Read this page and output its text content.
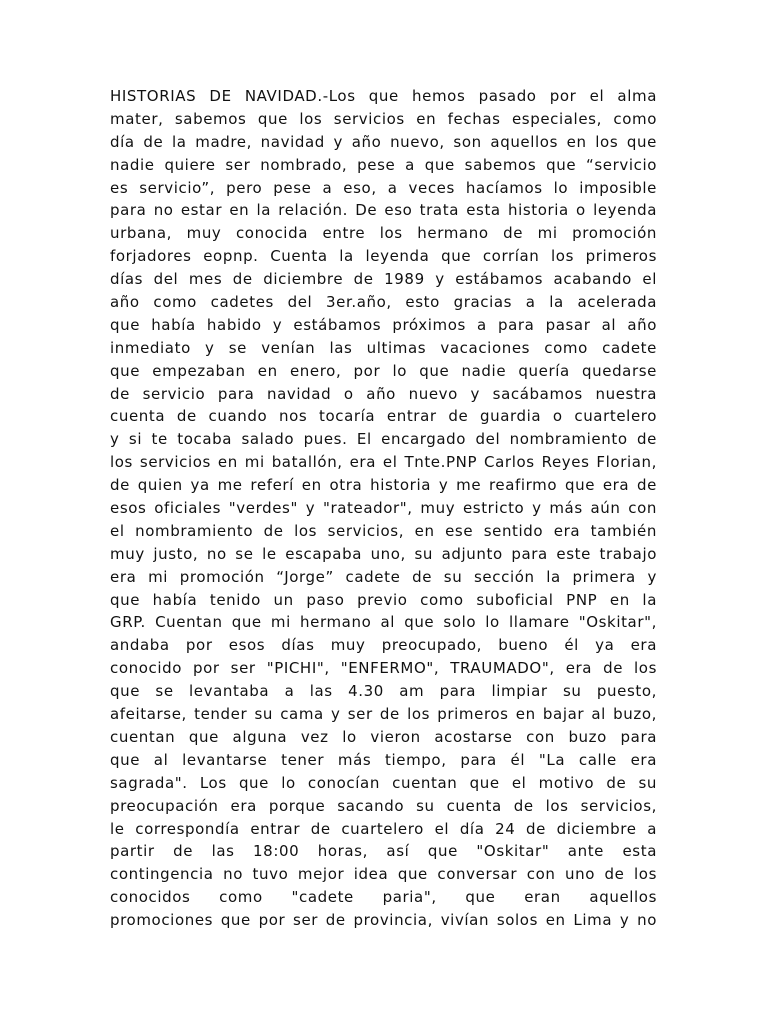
HISTORIAS DE NAVIDAD.-Los que hemos pasado por el alma
mater, sabemos que los servicios en fechas especiales, como
día de la madre, navidad y año nuevo, son aquellos en los que
nadie quiere ser nombrado, pese a que sabemos que “servicio
es servicio”, pero pese a eso, a veces hacíamos lo imposible
para no estar en la relación. De eso trata esta historia o leyenda
urbana, muy conocida entre los hermano de mi promoción
forjadores eopnp. Cuenta la leyenda que corrían los primeros
días del mes de diciembre de 1989 y estábamos acabando el
año como cadetes del 3er.año, esto gracias a la acelerada
que había habido y estábamos próximos a para pasar al año
inmediato y se venían las ultimas vacaciones como cadete
que empezaban en enero, por lo que nadie quería quedarse
de servicio para navidad o año nuevo y sacábamos nuestra
cuenta de cuando nos tocaría entrar de guardia o cuartelero
y si te tocaba salado pues. El encargado del nombramiento de
los servicios en mi batallón, era el Tnte.PNP Carlos Reyes Florian,
de quien ya me referí en otra historia y me reafirmo que era de
esos oficiales "verdes" y "rateador", muy estricto y más aún con
el nombramiento de los servicios, en ese sentido era también
muy justo, no se le escapaba uno, su adjunto para este trabajo
era mi promoción “Jorge” cadete de su sección la primera y
que había tenido un paso previo como suboficial PNP en la
GRP. Cuentan que mi hermano al que solo lo llamare "Oskitar",
andaba por esos días muy preocupado, bueno él ya era
conocido por ser "PICHI", "ENFERMO", TRAUMADO", era de los
que se levantaba a las 4.30 am para limpiar su puesto,
afeitarse, tender su cama y ser de los primeros en bajar al buzo,
cuentan que alguna vez lo vieron acostarse con buzo para
que al levantarse tener más tiempo, para él "La calle era
sagrada". Los que lo conocían cuentan que el motivo de su
preocupación era porque sacando su cuenta de los servicios,
le correspondía entrar de cuartelero el día 24 de diciembre a
partir de las 18:00 horas, así que "Oskitar" ante esta
contingencia no tuvo mejor idea que conversar con uno de los
conocidos como "cadete paria", que eran aquellos
promociones que por ser de provincia, vivían solos en Lima y no
